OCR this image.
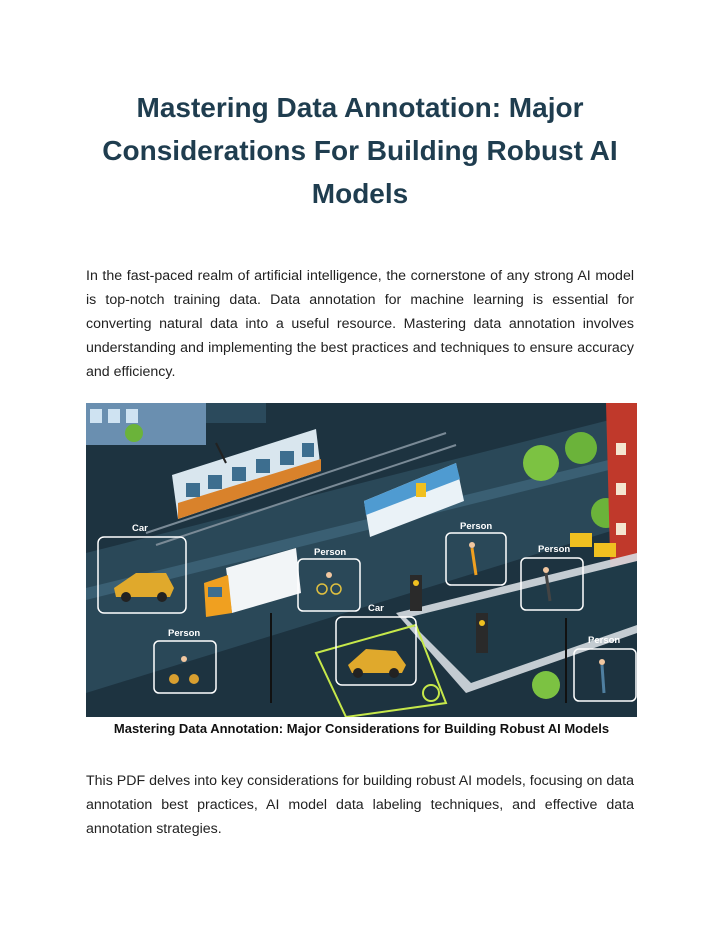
Mastering Data Annotation: Major Considerations For Building Robust AI Models

In the fast-paced realm of artificial intelligence, the cornerstone of any strong AI model is top-notch training data. Data annotation for machine learning is essential for converting natural data into a useful resource. Mastering data annotation involves understanding and implementing the best practices and techniques to ensure accuracy and efficiency.

Car	Person
Person
Person
Car
Person
Person
Mastering Data Annotation: Major Considerations for Building Robust AI Models

This PDF delves into key considerations for building robust AI models, focusing on data annotation best practices, AI model data labeling techniques, and effective data annotation strategies.
